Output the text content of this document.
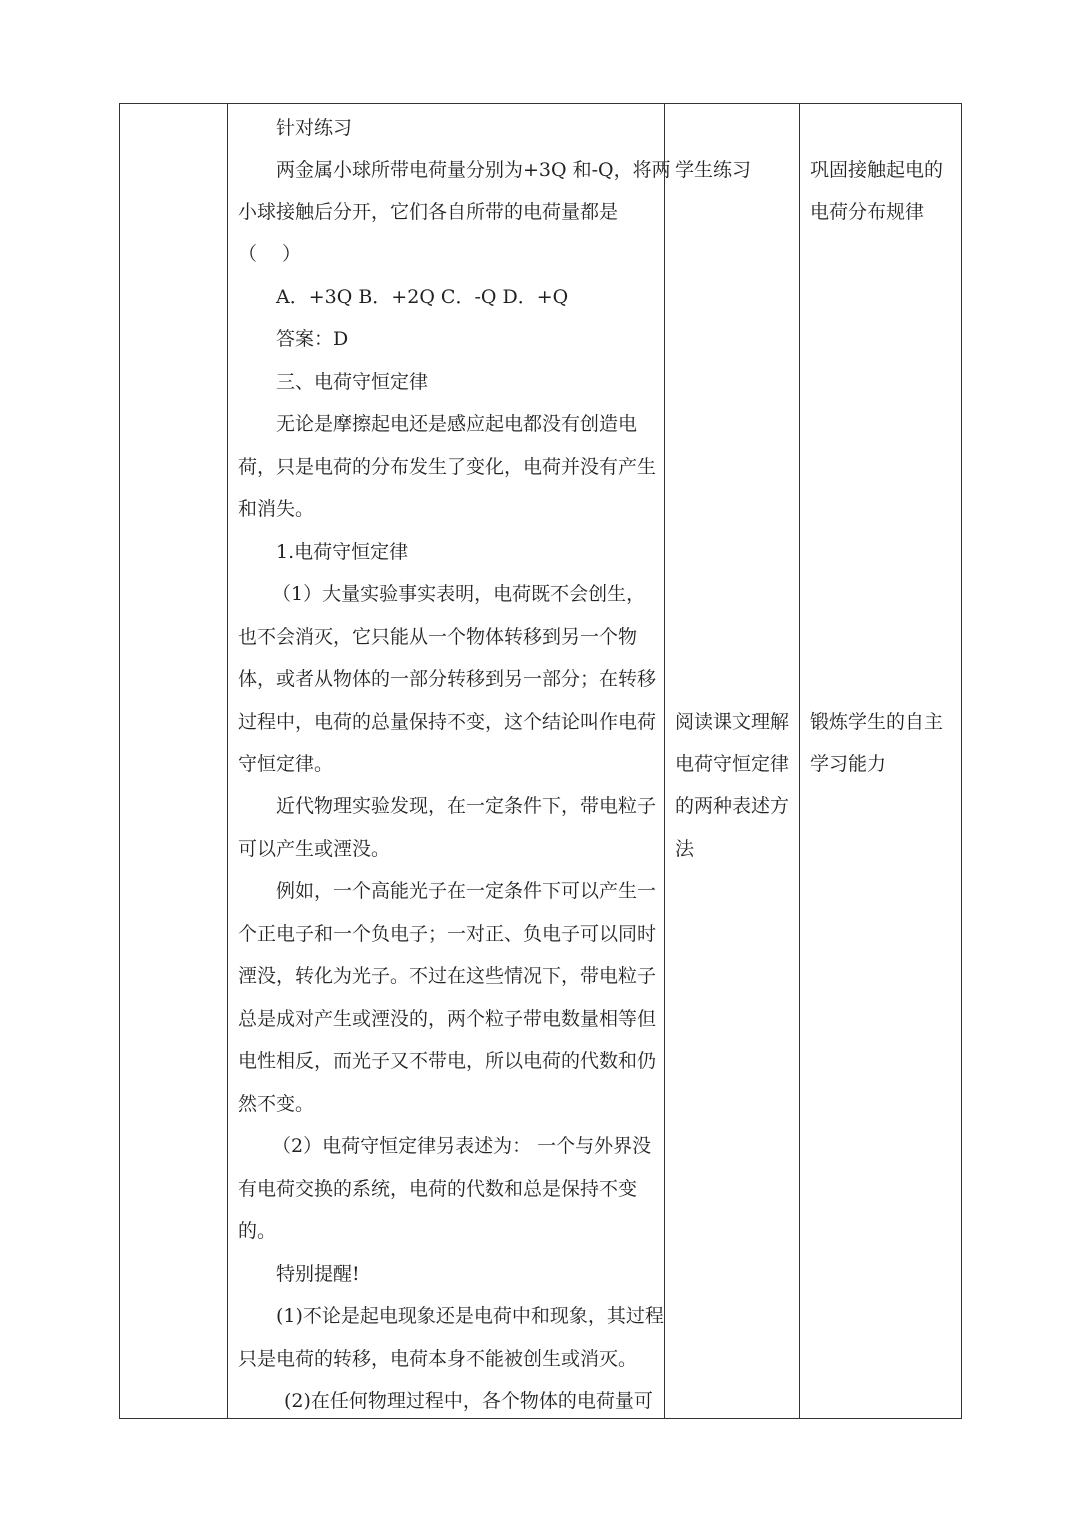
针对练习
两金属小球所带电荷量分别为+3Q 和-Q，将两
小球接触后分开，它们各自所带的电荷量都是
（　 ）
A．+3Q B．+2Q C．-Q D．+Q
答案：D
三、电荷守恒定律
无论是摩擦起电还是感应起电都没有创造电
荷，只是电荷的分布发生了变化，电荷并没有产生
和消失。
1.电荷守恒定律
（1）大量实验事实表明，电荷既不会创生，
也不会消灭，它只能从一个物体转移到另一个物
体，或者从物体的一部分转移到另一部分；在转移
过程中，电荷的总量保持不变，这个结论叫作电荷
守恒定律。
近代物理实验发现，在一定条件下，带电粒子
可以产生或湮没。
例如，一个高能光子在一定条件下可以产生一
个正电子和一个负电子；一对正、负电子可以同时
湮没，转化为光子。不过在这些情况下，带电粒子
总是成对产生或湮没的，两个粒子带电数量相等但
电性相反，而光子又不带电，所以电荷的代数和仍
然不变。
（2）电荷守恒定律另表述为： 一个与外界没
有电荷交换的系统，电荷的代数和总是保持不变
的。
特别提醒!
(1)不论是起电现象还是电荷中和现象，其过程
只是电荷的转移，电荷本身不能被创生或消灭。
(2)在任何物理过程中，各个物体的电荷量可
学生练习
阅读课文理解
电荷守恒定律
的两种表述方
法
巩固接触起电的
电荷分布规律
锻炼学生的自主
学习能力
